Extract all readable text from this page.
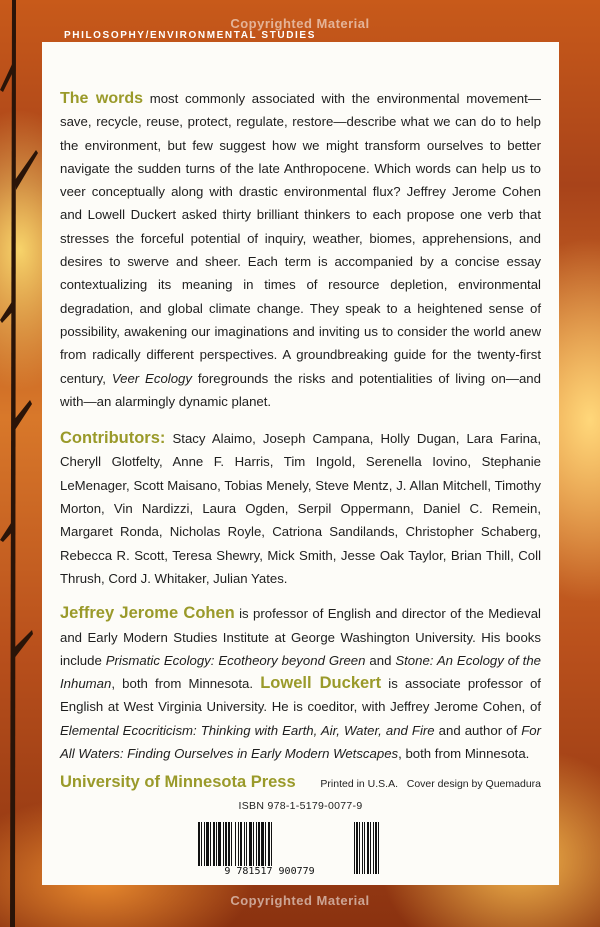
Copyrighted Material
PHILOSOPHY/ENVIRONMENTAL STUDIES

The words most commonly associated with the environmental movement—save, recycle, reuse, protect, regulate, restore—describe what we can do to help the environment, but few suggest how we might transform ourselves to better navigate the sudden turns of the late Anthropocene. Which words can help us to veer conceptually along with drastic environmental flux? Jeffrey Jerome Cohen and Lowell Duckert asked thirty brilliant thinkers to each propose one verb that stresses the forceful potential of inquiry, weather, biomes, apprehensions, and desires to swerve and sheer. Each term is accompanied by a concise essay contextualizing its meaning in times of resource depletion, environmental degradation, and global climate change. They speak to a heightened sense of possibility, awakening our imaginations and inviting us to consider the world anew from radically different perspectives. A groundbreaking guide for the twenty-first century, Veer Ecology foregrounds the risks and potentialities of living on—and with—an alarmingly dynamic planet.

Contributors: Stacy Alaimo, Joseph Campana, Holly Dugan, Lara Farina, Cheryll Glotfelty, Anne F. Harris, Tim Ingold, Serenella Iovino, Stephanie LeMenager, Scott Maisano, Tobias Menely, Steve Mentz, J. Allan Mitchell, Timothy Morton, Vin Nardizzi, Laura Ogden, Serpil Oppermann, Daniel C. Remein, Margaret Ronda, Nicholas Royle, Catriona Sandilands, Christopher Schaberg, Rebecca R. Scott, Teresa Shewry, Mick Smith, Jesse Oak Taylor, Brian Thill, Coll Thrush, Cord J. Whitaker, Julian Yates.

Jeffrey Jerome Cohen is professor of English and director of the Medieval and Early Modern Studies Institute at George Washington University. His books include Prismatic Ecology: Ecotheory beyond Green and Stone: An Ecology of the Inhuman, both from Minnesota. Lowell Duckert is associate professor of English at West Virginia University. He is coeditor, with Jeffrey Jerome Cohen, of Elemental Ecocriticism: Thinking with Earth, Air, Water, and Fire and author of For All Waters: Finding Ourselves in Early Modern Wetscapes, both from Minnesota.

University of Minnesota Press Printed in U.S.A.   Cover design by Quemadura
ISBN 978-1-5179-0077-9
9 781517 900779
Copyrighted Material
